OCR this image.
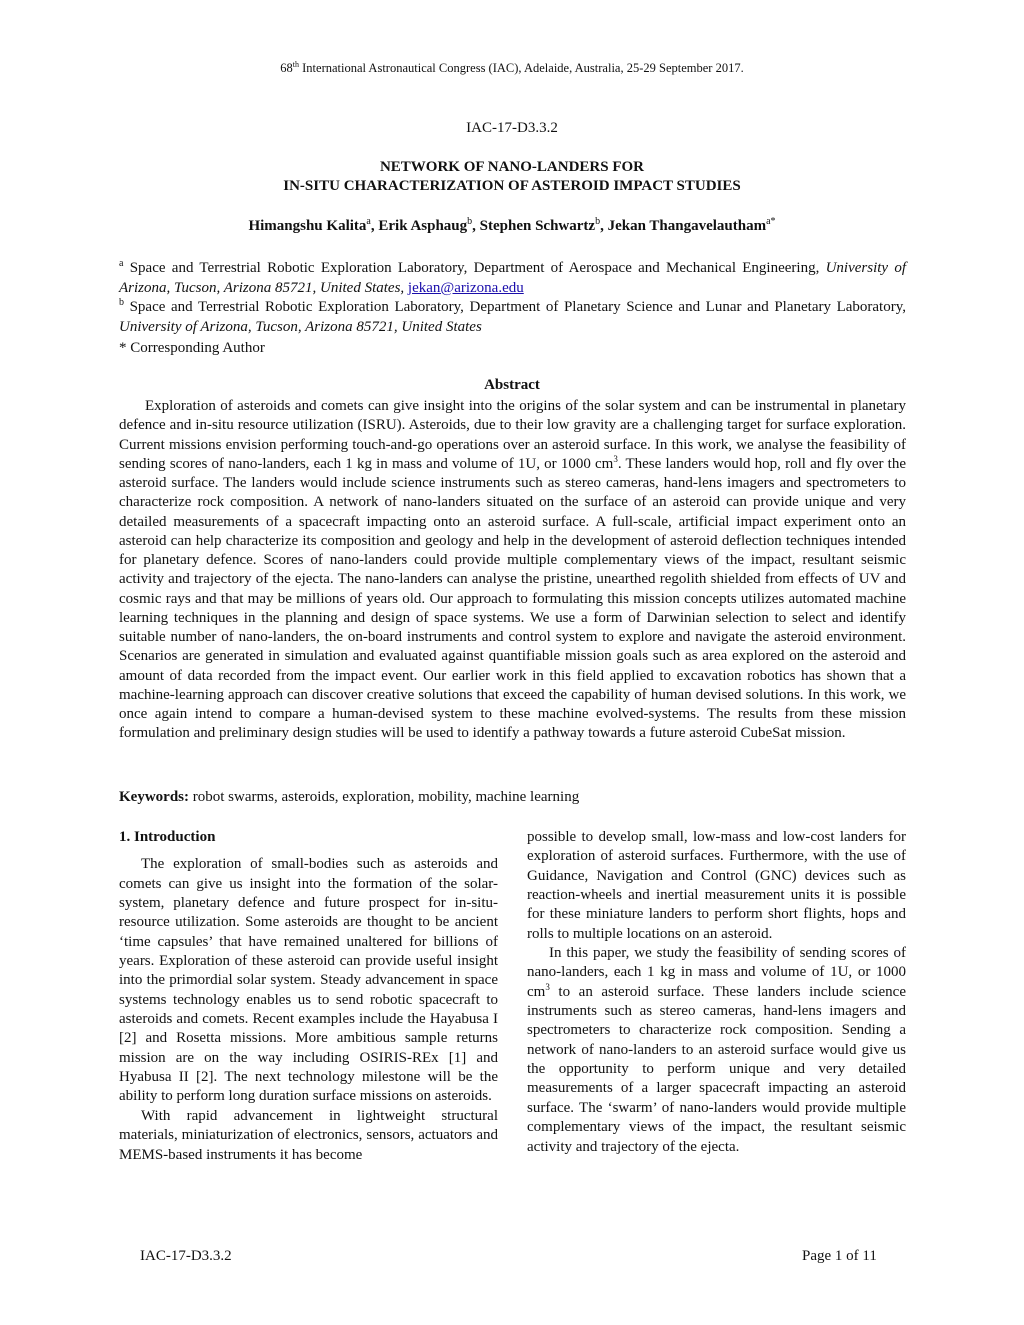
68th International Astronautical Congress (IAC), Adelaide, Australia, 25-29 September 2017.
IAC-17-D3.3.2
NETWORK OF NANO-LANDERS FOR
IN-SITU CHARACTERIZATION OF ASTEROID IMPACT STUDIES
Himangshu Kalita$^a$, Erik Asphaug$^b$, Stephen Schwartz$^b$, Jekan Thangavelautham$^{a*}$
$^a$ Space and Terrestrial Robotic Exploration Laboratory, Department of Aerospace and Mechanical Engineering, University of Arizona, Tucson, Arizona 85721, United States, jekan@arizona.edu
$^b$ Space and Terrestrial Robotic Exploration Laboratory, Department of Planetary Science and Lunar and Planetary Laboratory, University of Arizona, Tucson, Arizona 85721, United States
* Corresponding Author
Abstract

Exploration of asteroids and comets can give insight into the origins of the solar system and can be instrumental in planetary defence and in-situ resource utilization (ISRU). Asteroids, due to their low gravity are a challenging target for surface exploration. Current missions envision performing touch-and-go operations over an asteroid surface. In this work, we analyse the feasibility of sending scores of nano-landers, each 1 kg in mass and volume of 1U, or 1000 $cm^3$. These landers would hop, roll and fly over the asteroid surface. The landers would include science instruments such as stereo cameras, hand-lens imagers and spectrometers to characterize rock composition. A network of nano-landers situated on the surface of an asteroid can provide unique and very detailed measurements of a spacecraft impacting onto an asteroid surface. A full-scale, artificial impact experiment onto an asteroid can help characterize its composition and geology and help in the development of asteroid deflection techniques intended for planetary defence. Scores of nano-landers could provide multiple complementary views of the impact, resultant seismic activity and trajectory of the ejecta. The nano-landers can analyse the pristine, unearthed regolith shielded from effects of UV and cosmic rays and that may be millions of years old. Our approach to formulating this mission concepts utilizes automated machine learning techniques in the planning and design of space systems. We use a form of Darwinian selection to select and identify suitable number of nano-landers, the on-board instruments and control system to explore and navigate the asteroid environment. Scenarios are generated in simulation and evaluated against quantifiable mission goals such as area explored on the asteroid and amount of data recorded from the impact event. Our earlier work in this field applied to excavation robotics has shown that a machine-learning approach can discover creative solutions that exceed the capability of human devised solutions. In this work, we once again intend to compare a human-devised system to these machine evolved-systems. The results from these mission formulation and preliminary design studies will be used to identify a pathway towards a future asteroid CubeSat mission.

Keywords: robot swarms, asteroids, exploration, mobility, machine learning

1. Introduction

The exploration of small-bodies such as asteroids and comets can give us insight into the formation of the solar-system, planetary defence and future prospect for in-situ-resource utilization. Some asteroids are thought to be ancient ‘time capsules’ that have remained unaltered for billions of years. Exploration of these asteroid can provide useful insight into the primordial solar system. Steady advancement in space systems technology enables us to send robotic spacecraft to asteroids and comets. Recent examples include the Hayabusa I [2] and Rosetta missions. More ambitious sample returns mission are on the way including OSIRIS-REx [1] and Hyabusa II [2]. The next technology milestone will be the ability to perform long duration surface missions on asteroids.

With rapid advancement in lightweight structural materials, miniaturization of electronics, sensors, actuators and MEMS-based instruments it has become

possible to develop small, low-mass and low-cost landers for exploration of asteroid surfaces. Furthermore, with the use of Guidance, Navigation and Control (GNC) devices such as reaction-wheels and inertial measurement units it is possible for these miniature landers to perform short flights, hops and rolls to multiple locations on an asteroid.

In this paper, we study the feasibility of sending scores of nano-landers, each 1 kg in mass and volume of 1U, or 1000 $cm^3$ to an asteroid surface. These landers include science instruments such as stereo cameras, hand-lens imagers and spectrometers to characterize rock composition. Sending a network of nano-landers to an asteroid surface would give us the opportunity to perform unique and very detailed measurements of a larger spacecraft impacting an asteroid surface. The ‘swarm’ of nano-landers would provide multiple complementary views of the impact, the resultant seismic activity and trajectory of the ejecta.

IAC-17-D3.3.2	Page 1 of 11
